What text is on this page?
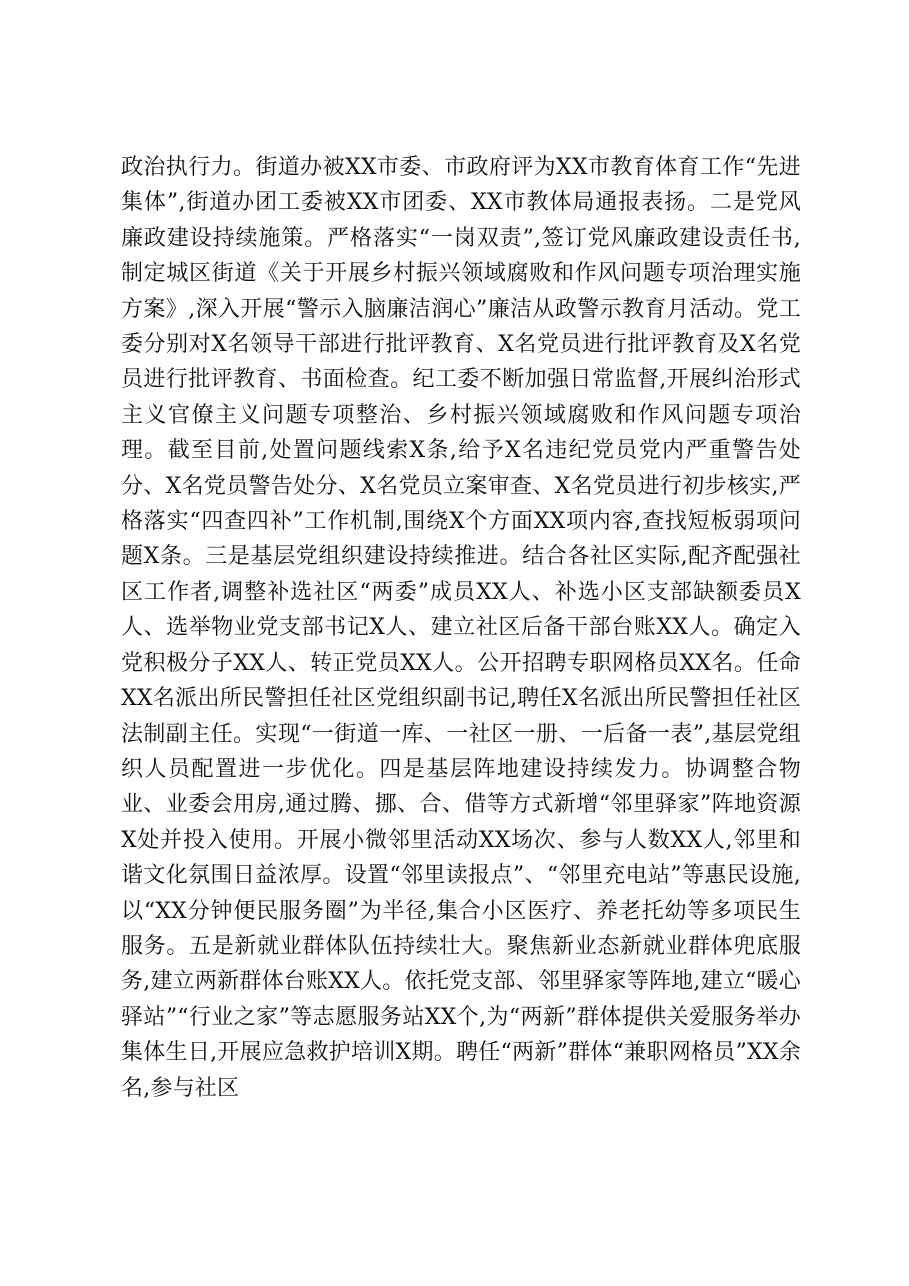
政治执行力。街道办被XX市委、市政府评为XX市教育体育工作“先进集体”,街道办团工委被XX市团委、XX市教体局通报表扬。二是党风廉政建设持续施策。严格落实“一岗双责”,签订党风廉政建设责任书,制定城区街道《关于开展乡村振兴领域腐败和作风问题专项治理实施方案》,深入开展“警示入脑廉洁润心”廉洁从政警示教育月活动。党工委分别对X名领导干部进行批评教育、X名党员进行批评教育及X名党员进行批评教育、书面检查。纪工委不断加强日常监督,开展纠治形式主义官僚主义问题专项整治、乡村振兴领域腐败和作风问题专项治理。截至目前,处置问题线索X条,给予X名违纪党员党内严重警告处分、X名党员警告处分、X名党员立案审查、X名党员进行初步核实,严格落实“四查四补”工作机制,围绕X个方面XX项内容,查找短板弱项问题X条。三是基层党组织建设持续推进。结合各社区实际,配齐配强社区工作者,调整补选社区“两委”成员XX人、补选小区支部缺额委员X人、选举物业党支部书记X人、建立社区后备干部台账XX人。确定入党积极分子XX人、转正党员XX人。公开招聘专职网格员XX名。任命XX名派出所民警担任社区党组织副书记,聘任X名派出所民警担任社区法制副主任。实现“一街道一库、一社区一册、一后备一表”,基层党组织人员配置进一步优化。四是基层阵地建设持续发力。协调整合物业、业委会用房,通过腾、挪、合、借等方式新增“邻里驿家”阵地资源X处并投入使用。开展小微邻里活动XX场次、参与人数XX人,邻里和谐文化氛围日益浓厚。设置“邻里读报点”、“邻里充电站”等惠民设施,以“XX分钟便民服务圈”为半径,集合小区医疗、养老托幼等多项民生服务。五是新就业群体队伍持续壮大。聚焦新业态新就业群体兜底服务,建立两新群体台账XX人。依托党支部、邻里驿家等阵地,建立“暖心驿站”“行业之家”等志愿服务站XX个,为“两新”群体提供关爱服务举办集体生日,开展应急救护培训X期。聘任“两新”群体“兼职网格员”XX余名,参与社区
